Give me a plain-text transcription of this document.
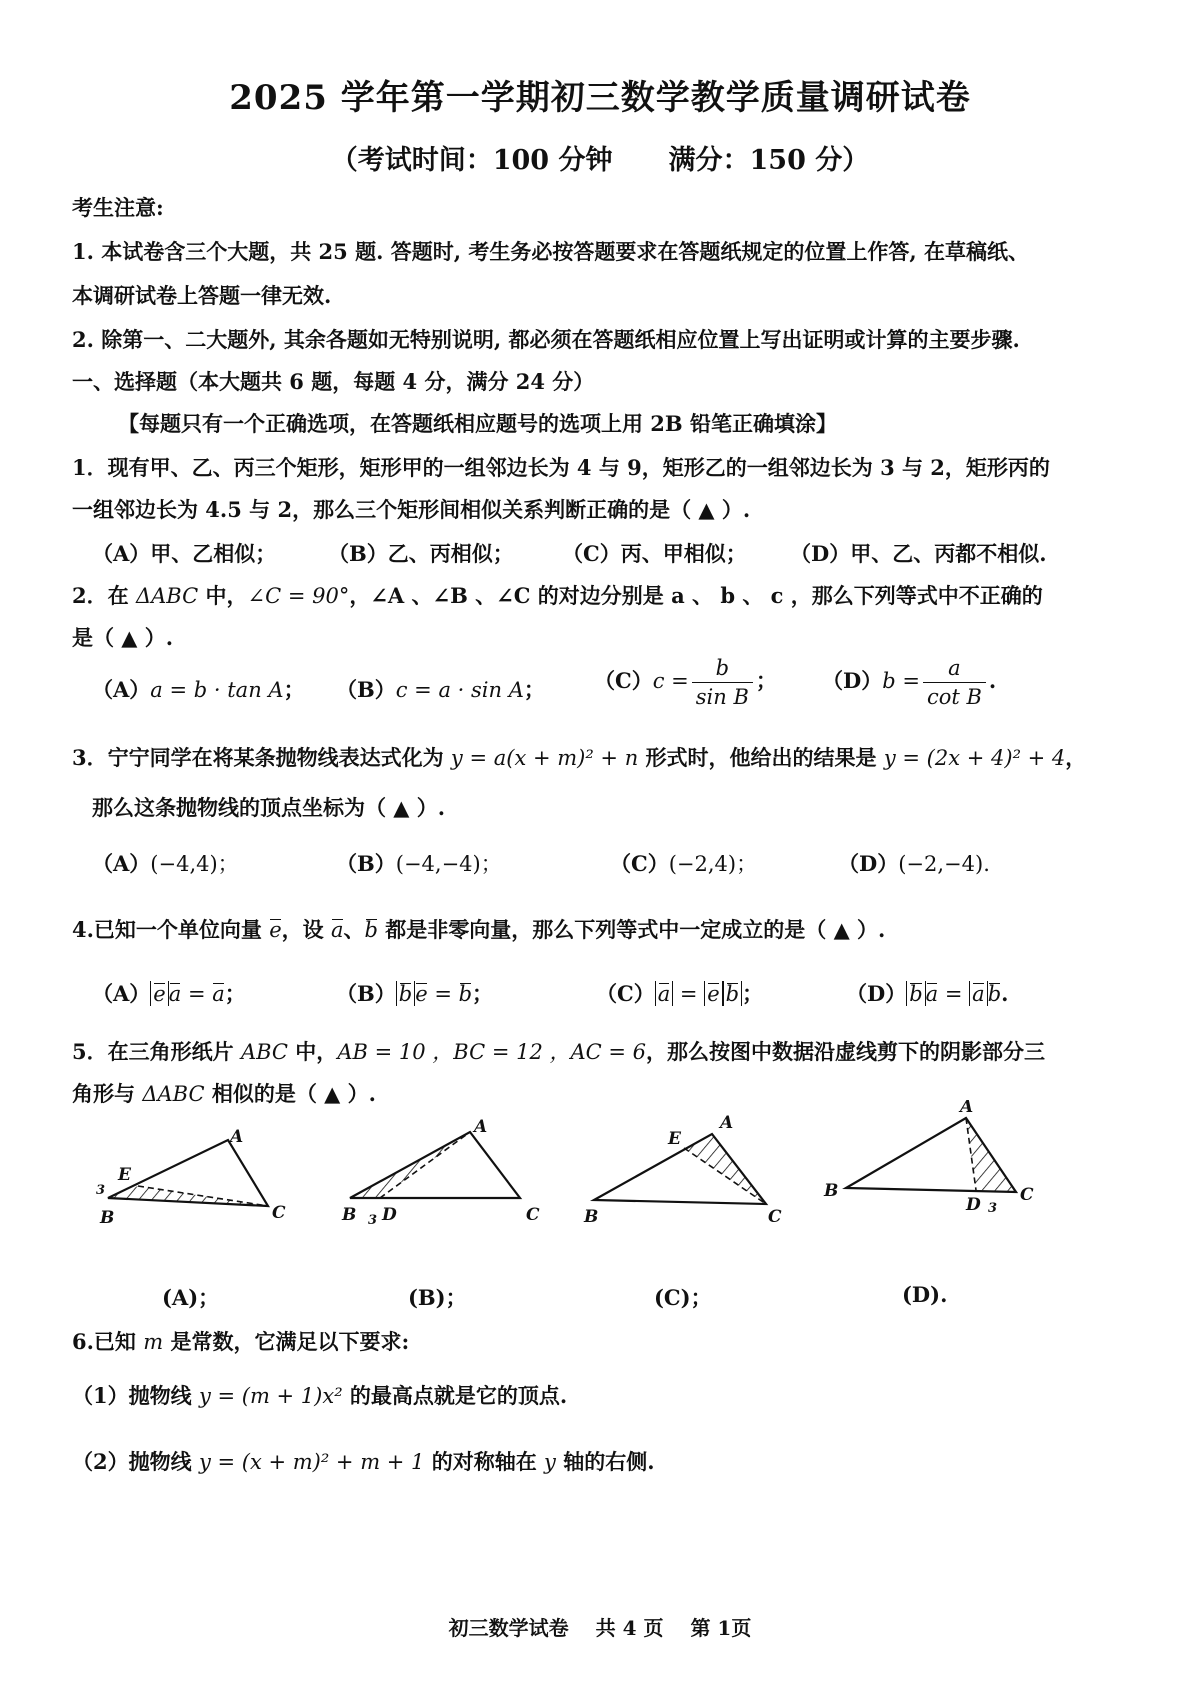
2025 学年第一学期初三数学教学质量调研试卷
（考试时间：100 分钟 满分：150 分）
考生注意:
1. 本试卷含三个大题，共 25 题. 答题时, 考生务必按答题要求在答题纸规定的位置上作答, 在草稿纸、
本调研试卷上答题一律无效.
2. 除第一、二大题外, 其余各题如无特别说明, 都必须在答题纸相应位置上写出证明或计算的主要步骤.
一、选择题（本大题共 6 题，每题 4 分，满分 24 分）
【每题只有一个正确选项，在答题纸相应题号的选项上用 2B 铅笔正确填涂】
1．现有甲、乙、丙三个矩形，矩形甲的一组邻边长为 4 与 9，矩形乙的一组邻边长为 3 与 2，矩形丙的
一组邻边长为 4.5 与 2，那么三个矩形间相似关系判断正确的是（ ▲ ）.
（A）甲、乙相似； （B）乙、丙相似； （C）丙、甲相似； （D）甲、乙、丙都不相似.
2．在 ΔABC 中，∠C = 90°，∠A 、∠B 、∠C 的对边分别是 a 、 b 、 c ，那么下列等式中不正确的
是（ ▲ ）.
（A）a = b · tan A； （B）c = a · sin A； $(C)c = \frac{b}{\text{sin B}}$ ； $(D)b = \frac{a}{\text{cot B}}$ .
3．宁宁同学在将某条抛物线表达式化为 y = a(x + m)² + n 形式时，他给出的结果是 y = (2x + 4)² + 4，
那么这条抛物线的顶点坐标为（ ▲ ）.
（A）(−4,4)；	（B）(−4,−4)；	（C）(−2,4)；	（D）(−2,−4).
4.已知一个单位向量 e，设 a、b 都是非零向量，那么下列等式中一定成立的是（ ▲ ）.
（A） e a = a；	（B） b e = b；	（C） a = e b ；	（D） b a = a b.
5．在三角形纸片 ABC 中，AB = 10 ，BC = 12 ，AC = 6，那么按图中数据沿虚线剪下的阴影部分三
角形与 ΔABC 相似的是（ ▲ ）.
A
B	C
E
3
A
B	C
D
3
A
B	C
E
A
B	C
D 3
(A)；	(B)；	(C)；	(D).
6.已知 m 是常数，它满足以下要求:
（1）抛物线 y = (m + 1)x² 的最高点就是它的顶点.
（2）抛物线 y = (x + m)² + m + 1 的对称轴在 y 轴的右侧.
初三数学试卷　 共 4 页　 第 1页
